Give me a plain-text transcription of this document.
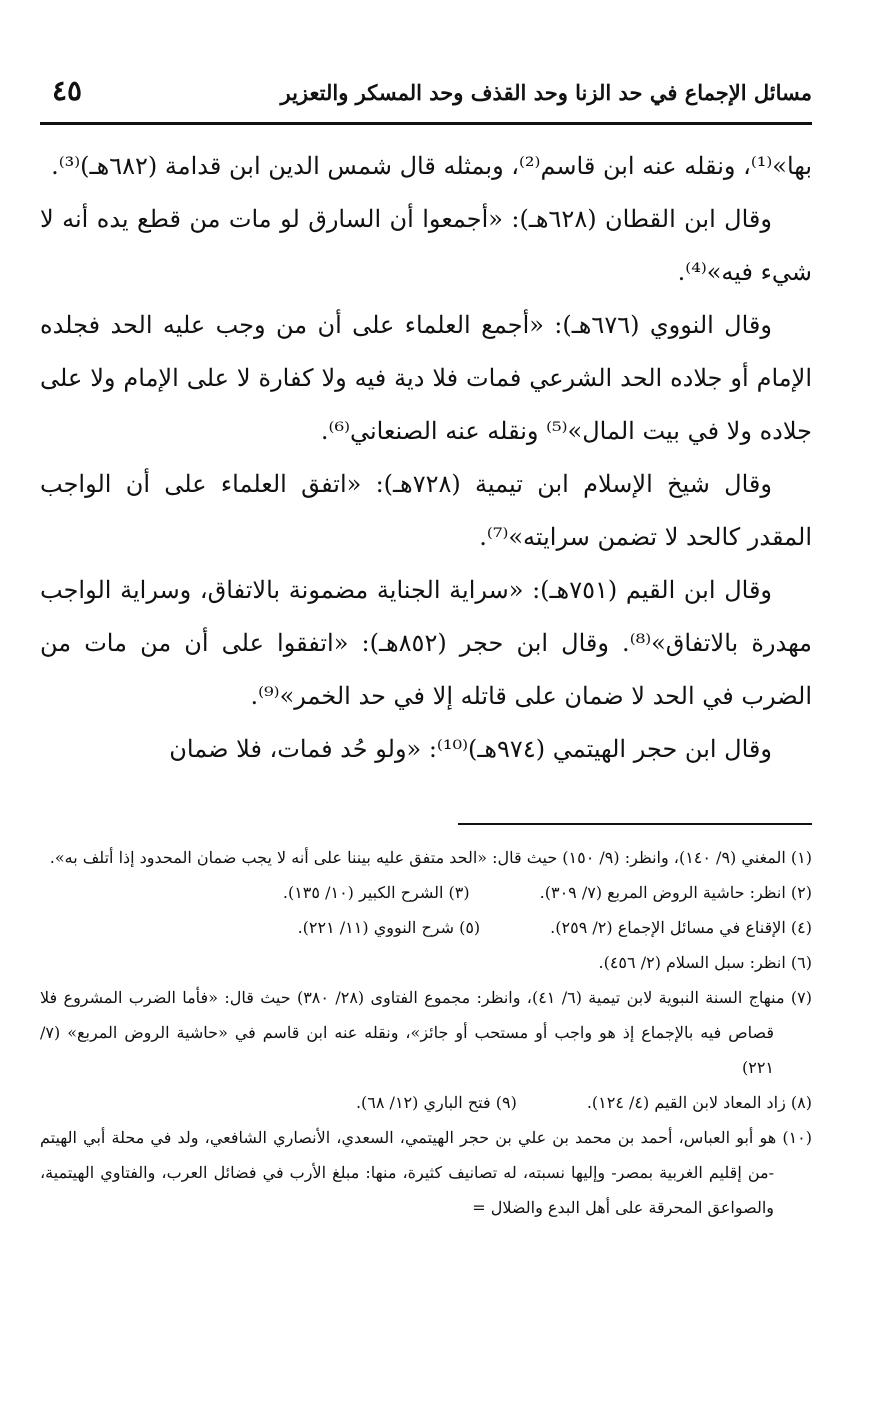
مسائل الإجماع في حد الزنا وحد القذف وحد المسكر والتعزير
٤٥

بها»⁽¹⁾، ونقله عنه ابن قاسم⁽²⁾، وبمثله قال شمس الدين ابن قدامة (٦٨٢هـ)⁽³⁾.

وقال ابن القطان (٦٢٨هـ): «أجمعوا أن السارق لو مات من قطع يده أنه لا شيء فيه»⁽⁴⁾.

وقال النووي (٦٧٦هـ): «أجمع العلماء على أن من وجب عليه الحد فجلده الإمام أو جلاده الحد الشرعي فمات فلا دية فيه ولا كفارة لا على الإمام ولا على جلاده ولا في بيت المال»⁽⁵⁾ ونقله عنه الصنعاني⁽⁶⁾.

وقال شيخ الإسلام ابن تيمية (٧٢٨هـ): «اتفق العلماء على أن الواجب المقدر كالحد لا تضمن سرايته»⁽⁷⁾.

وقال ابن القيم (٧٥١هـ): «سراية الجناية مضمونة بالاتفاق، وسراية الواجب مهدرة بالاتفاق»⁽⁸⁾. وقال ابن حجر (٨٥٢هـ): «اتفقوا على أن من مات من الضرب في الحد لا ضمان على قاتله إلا في حد الخمر»⁽⁹⁾.

وقال ابن حجر الهيتمي (٩٧٤هـ)⁽¹⁰⁾: «ولو حُد فمات، فلا ضمان

(١) المغني (٩/ ١٤٠)، وانظر: (٩/ ١٥٠) حيث قال: «الحد متفق عليه بيننا على أنه لا يجب ضمان المحدود إذا أتلف به».

(٢) انظر: حاشية الروض المربع (٧/ ٣٠٩).
(٣) الشرح الكبير (١٠/ ١٣٥).

(٤) الإقناع في مسائل الإجماع (٢/ ٢٥٩).
(٥) شرح النووي (١١/ ٢٢١).

(٦) انظر: سبل السلام (٢/ ٤٥٦).

(٧) منهاج السنة النبوية لابن تيمية (٦/ ٤١)، وانظر: مجموع الفتاوى (٢٨/ ٣٨٠) حيث قال: «فأما الضرب المشروع فلا قصاص فيه بالإجماع إذ هو واجب أو مستحب أو جائز»، ونقله عنه ابن قاسم في «حاشية الروض المربع» (٧/ ٢٢١)

(٨) زاد المعاد لابن القيم (٤/ ١٢٤).
(٩) فتح الباري (١٢/ ٦٨).

(١٠) هو أبو العباس، أحمد بن محمد بن علي بن حجر الهيتمي، السعدي، الأنصاري الشافعي، ولد في محلة أبي الهيتم -من إقليم الغربية بمصر- وإليها نسبته، له تصانيف كثيرة، منها: مبلغ الأرب في فضائل العرب، والفتاوي الهيتمية، والصواعق المحرقة على أهل البدع والضلال =
